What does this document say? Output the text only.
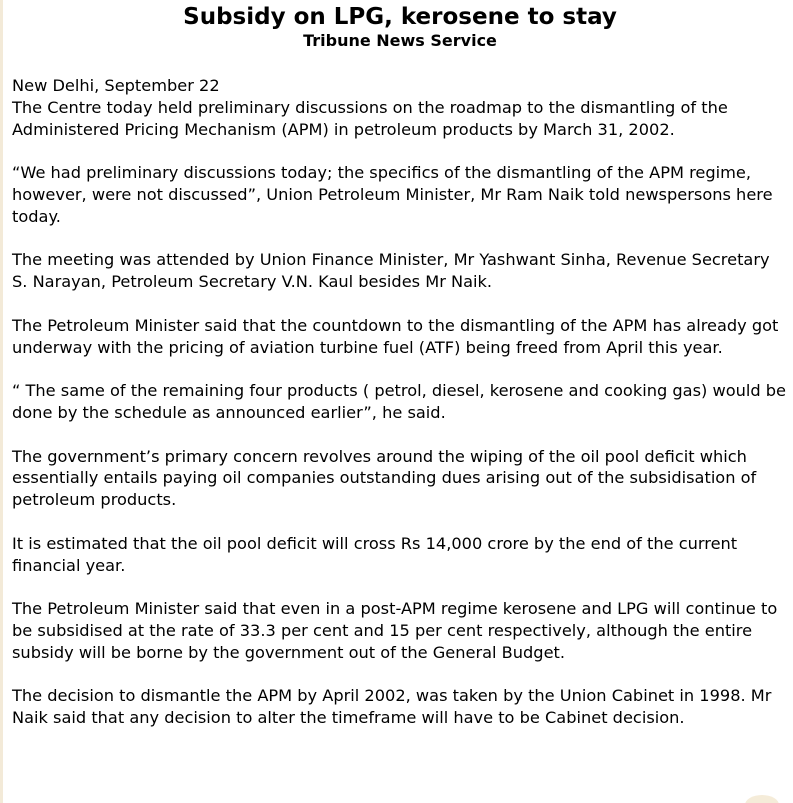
Subsidy on LPG, kerosene to stay
Tribune News Service

New Delhi, September 22
The Centre today held preliminary discussions on the roadmap to the dismantling of the Administered Pricing Mechanism (APM) in petroleum products by March 31, 2002.

“We had preliminary discussions today; the specifics of the dismantling of the APM regime, however, were not discussed”, Union Petroleum Minister, Mr Ram Naik told newspersons here today.

The meeting was attended by Union Finance Minister, Mr Yashwant Sinha, Revenue Secretary S. Narayan, Petroleum Secretary V.N. Kaul besides Mr Naik.

The Petroleum Minister said that the countdown to the dismantling of the APM has already got underway with the pricing of aviation turbine fuel (ATF) being freed from April this year.

“ The same of the remaining four products ( petrol, diesel, kerosene and cooking gas) would be done by the schedule as announced earlier”, he said.

The government’s primary concern revolves around the wiping of the oil pool deficit which essentially entails paying oil companies outstanding dues arising out of the subsidisation of petroleum products.

It is estimated that the oil pool deficit will cross Rs 14,000 crore by the end of the current financial year.

The Petroleum Minister said that even in a post-APM regime kerosene and LPG will continue to be subsidised at the rate of 33.3 per cent and 15 per cent respectively, although the entire subsidy will be borne by the government out of the General Budget.

The decision to dismantle the APM by April 2002, was taken by the Union Cabinet in 1998. Mr Naik said that any decision to alter the timeframe will have to be Cabinet decision.
